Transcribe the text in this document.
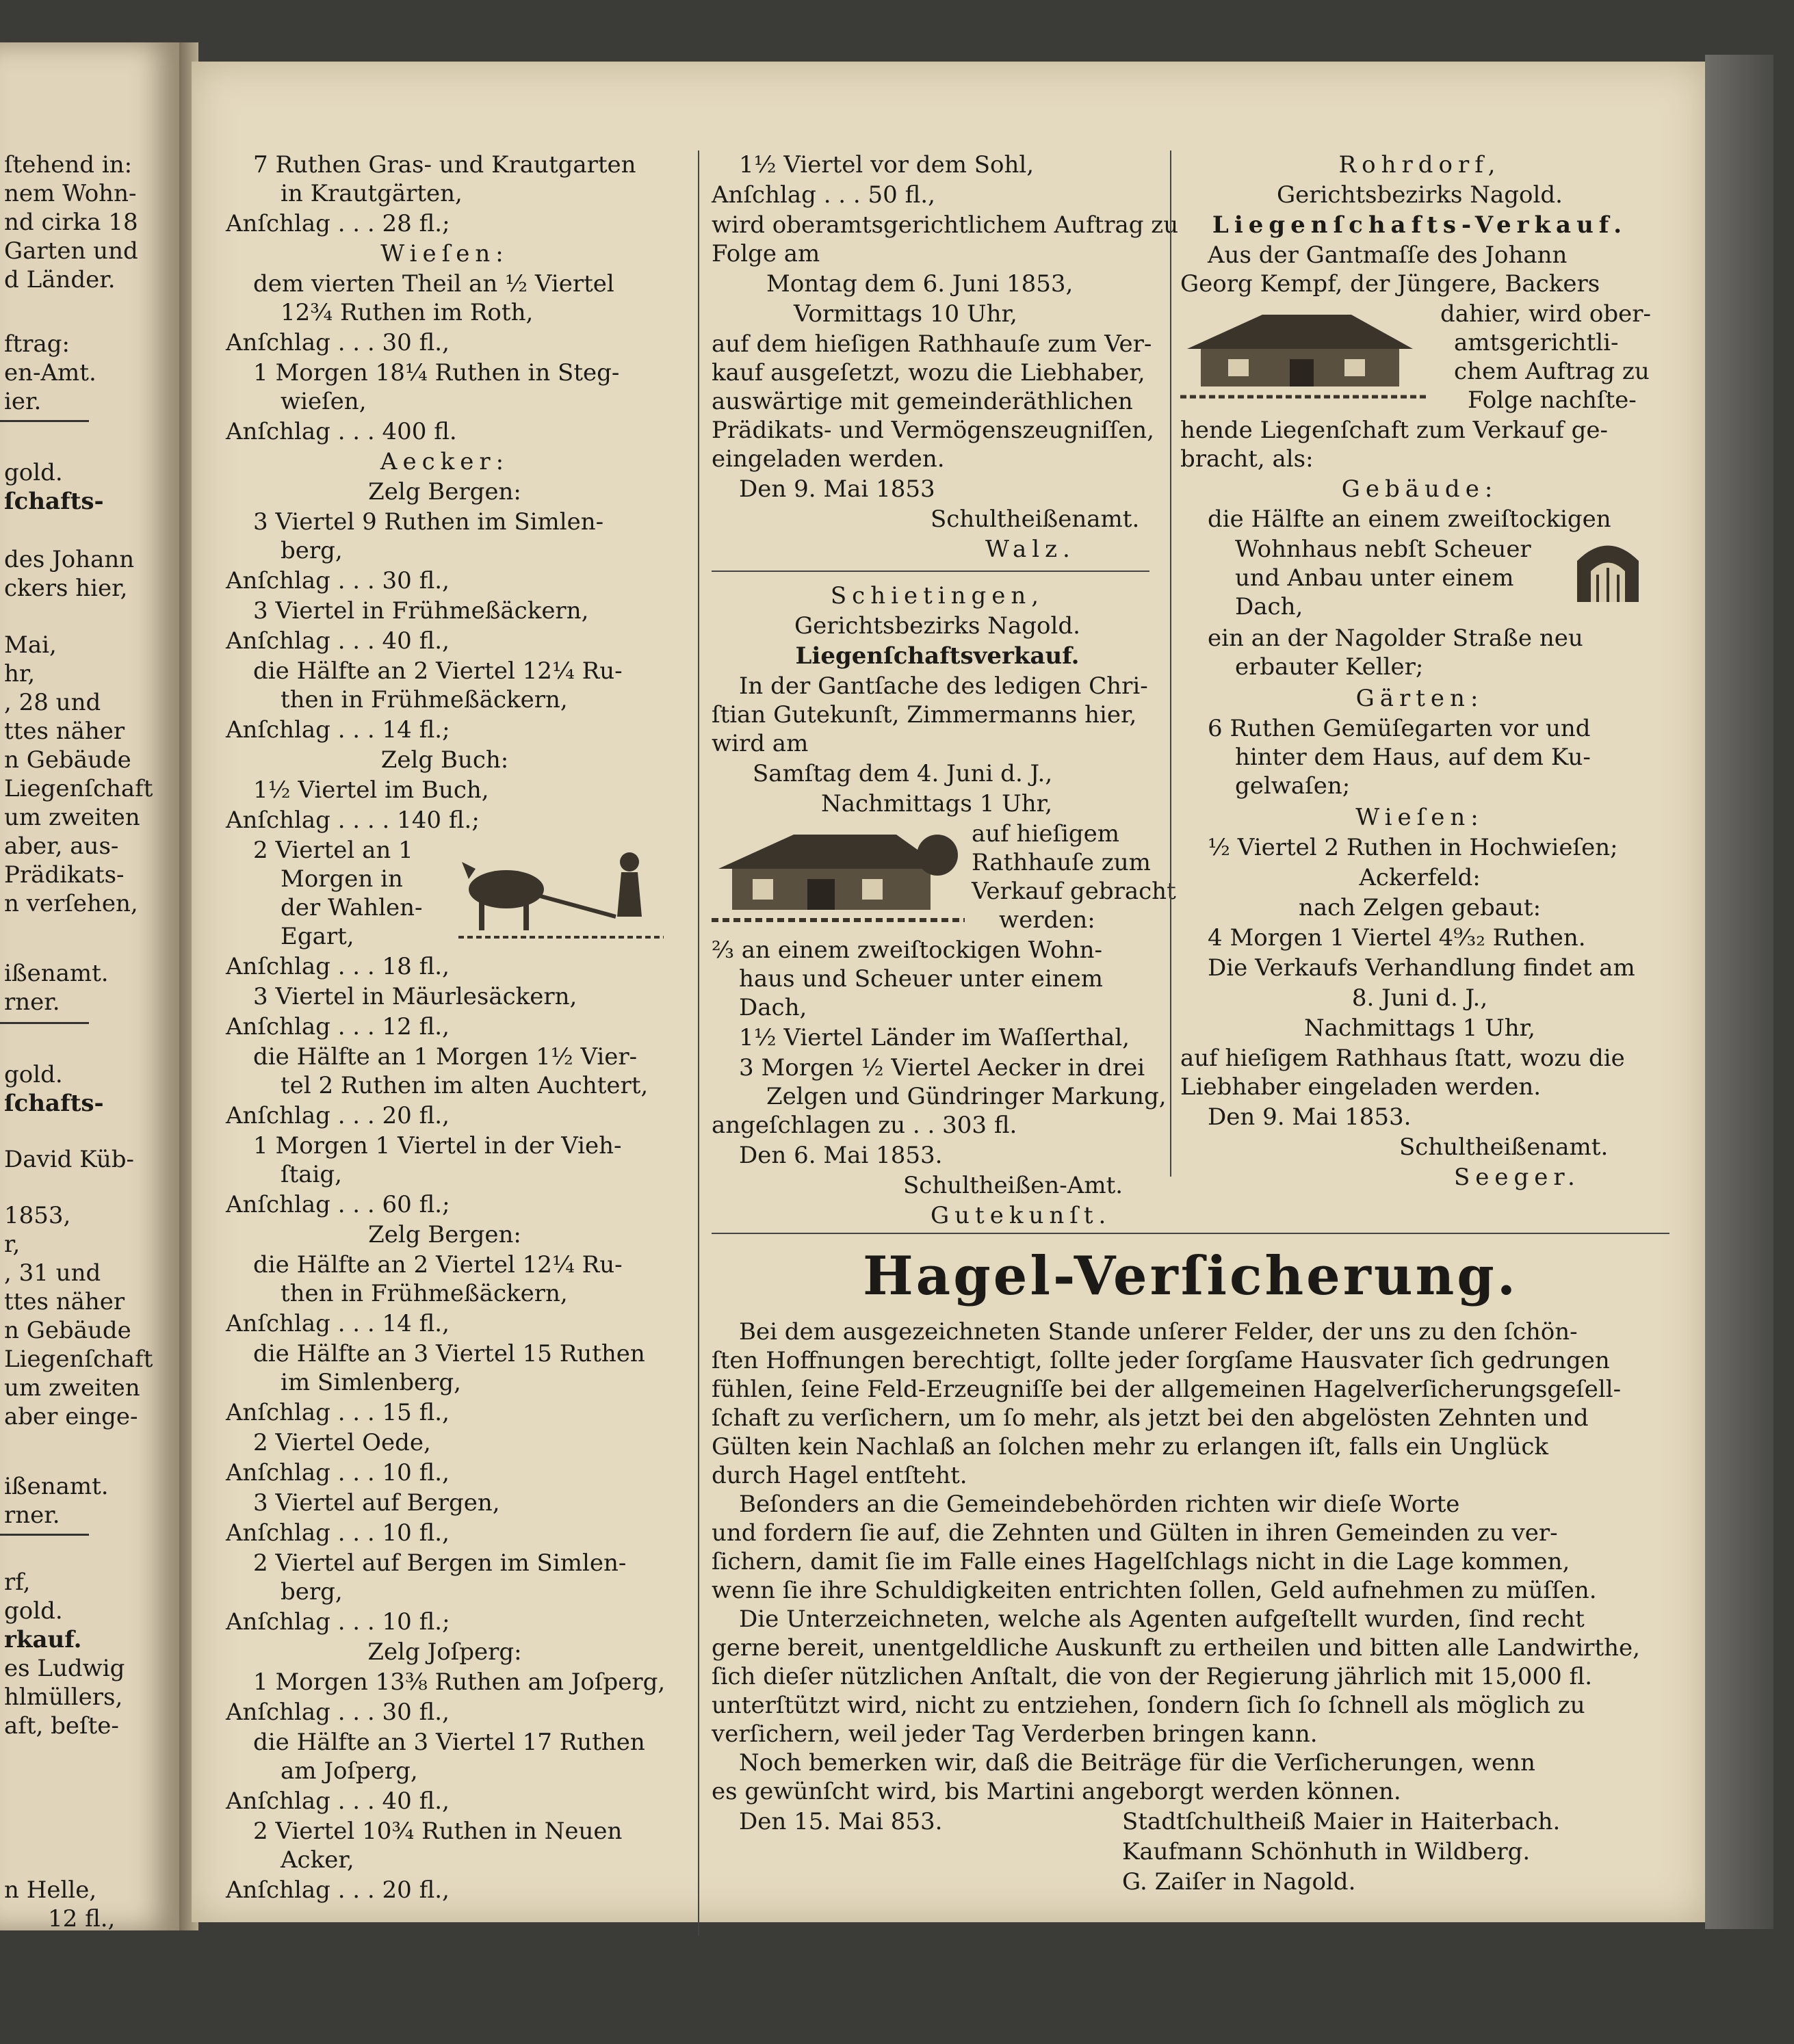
ſtehend in:
nem Wohn-
nd cirka 18
Garten und
d Länder.
ftrag:
en-Amt.
ier.
gold.
ſchafts-
des Johann
ckers hier,
Mai,
hr,
, 28 und
ttes näher
n Gebäude
Liegenſchaft
um zweiten
aber, aus-
Prädikats-
n verſehen,
ißenamt.
rner.
gold.
ſchafts-
David Küb-
1853,
r,
, 31 und
ttes näher
n Gebäude
Liegenſchaft
um zweiten
aber einge-
ißenamt.
rner.
rf,
gold.
rkauf.
es Ludwig
hlmüllers,
aft, beſte-
n Helle,
12 fl.,
7 Ruthen Gras- und Krautgarten
in Krautgärten,
Anſchlag . . . 28 fl.;
Wieſen:
dem vierten Theil an ½ Viertel
12¾ Ruthen im Roth,
Anſchlag . . . 30 fl.,
1 Morgen 18¼ Ruthen in Steg-
wieſen,
Anſchlag . . . 400 fl.
Aecker:
Zelg Bergen:
3 Viertel 9 Ruthen im Simlen-
berg,
Anſchlag . . . 30 fl.,
3 Viertel in Frühmeßäckern,
Anſchlag . . . 40 fl.,
die Hälfte an 2 Viertel 12¼ Ru-
then in Frühmeßäckern,
Anſchlag . . . 14 fl.;
Zelg Buch:
1½ Viertel im Buch,
Anſchlag . . . . 140 fl.;
2 Viertel an 1
Morgen in
der Wahlen-
Egart,
Anſchlag . . . 18 fl.,
3 Viertel in Mäurlesäckern,
Anſchlag . . . 12 fl.,
die Hälfte an 1 Morgen 1½ Vier-
tel 2 Ruthen im alten Auchtert,
Anſchlag . . . 20 fl.,
1 Morgen 1 Viertel in der Vieh-
ſtaig,
Anſchlag . . . 60 fl.;
Zelg Bergen:
die Hälfte an 2 Viertel 12¼ Ru-
then in Frühmeßäckern,
Anſchlag . . . 14 fl.,
die Hälfte an 3 Viertel 15 Ruthen
im Simlenberg,
Anſchlag . . . 15 fl.,
2 Viertel Oede,
Anſchlag . . . 10 fl.,
3 Viertel auf Bergen,
Anſchlag . . . 10 fl.,
2 Viertel auf Bergen im Simlen-
berg,
Anſchlag . . . 10 fl.;
Zelg Joſperg:
1 Morgen 13⅜ Ruthen am Joſperg,
Anſchlag . . . 30 fl.,
die Hälfte an 3 Viertel 17 Ruthen
am Joſperg,
Anſchlag . . . 40 fl.,
2 Viertel 10¾ Ruthen in Neuen
Acker,
Anſchlag . . . 20 fl.,
1½ Viertel vor dem Sohl,
Anſchlag . . . 50 fl.,
wird oberamtsgerichtlichem Auftrag zu
Folge am
Montag dem 6. Juni 1853,
Vormittags 10 Uhr,
auf dem hieſigen Rathhauſe zum Ver-
kauf ausgeſetzt, wozu die Liebhaber,
auswärtige mit gemeinderäthlichen
Prädikats- und Vermögenszeugniſſen,
eingeladen werden.
Den 9. Mai 1853
Schultheißenamt.
Walz.
Schietingen,
Gerichtsbezirks Nagold.
Liegenſchaftsverkauf.
In der Gantſache des ledigen Chri-
ſtian Gutekunſt, Zimmermanns hier,
wird am
Samſtag dem 4. Juni d. J.,
Nachmittags 1 Uhr,
auf hieſigem
Rathhauſe zum
Verkauf gebracht
werden:
⅔ an einem zweiſtockigen Wohn-
haus und Scheuer unter einem
Dach,
1½ Viertel Länder im Waſſerthal,
3 Morgen ½ Viertel Aecker in drei
Zelgen und Gündringer Markung,
angeſchlagen zu . . 303 fl.
Den 6. Mai 1853.
Schultheißen-Amt.
Gutekunſt.
Rohrdorf,
Gerichtsbezirks Nagold.
Liegenſchafts-Verkauf.
Aus der Gantmaſſe des Johann
Georg Kempf, der Jüngere, Backers
dahier, wird ober-
amtsgerichtli-
chem Auftrag zu
Folge nachſte-
hende Liegenſchaft zum Verkauf ge-
bracht, als:
Gebäude:
die Hälfte an einem zweiſtockigen
Wohnhaus nebſt Scheuer
und Anbau unter einem
Dach,
ein an der Nagolder Straße neu
erbauter Keller;
Gärten:
6 Ruthen Gemüſegarten vor und
hinter dem Haus, auf dem Ku-
gelwaſen;
Wieſen:
½ Viertel 2 Ruthen in Hochwieſen;
Ackerfeld:
nach Zelgen gebaut:
4 Morgen 1 Viertel 4⁹⁄₃₂ Ruthen.
Die Verkaufs Verhandlung findet am
8. Juni d. J.,
Nachmittags 1 Uhr,
auf hieſigem Rathhaus ſtatt, wozu die
Liebhaber eingeladen werden.
Den 9. Mai 1853.
Schultheißenamt.
Seeger.
Hagel-Verſicherung.
Bei dem ausgezeichneten Stande unſerer Felder, der uns zu den ſchön-
ſten Hoffnungen berechtigt, ſollte jeder ſorgſame Hausvater ſich gedrungen
fühlen, ſeine Feld-Erzeugniſſe bei der allgemeinen Hagelverſicherungsgeſell-
ſchaft zu verſichern, um ſo mehr, als jetzt bei den abgelösten Zehnten und
Gülten kein Nachlaß an ſolchen mehr zu erlangen iſt, falls ein Unglück
durch Hagel entſteht.
Beſonders an die Gemeindebehörden richten wir dieſe Worte
und fordern ſie auf, die Zehnten und Gülten in ihren Gemeinden zu ver-
ſichern, damit ſie im Falle eines Hagelſchlags nicht in die Lage kommen,
wenn ſie ihre Schuldigkeiten entrichten ſollen, Geld aufnehmen zu müſſen.
Die Unterzeichneten, welche als Agenten aufgeſtellt wurden, ſind recht
gerne bereit, unentgeldliche Auskunft zu ertheilen und bitten alle Landwirthe,
ſich dieſer nützlichen Anſtalt, die von der Regierung jährlich mit 15,000 fl.
unterſtützt wird, nicht zu entziehen, ſondern ſich ſo ſchnell als möglich zu
verſichern, weil jeder Tag Verderben bringen kann.
Noch bemerken wir, daß die Beiträge für die Verſicherungen, wenn
es gewünſcht wird, bis Martini angeborgt werden können.
Den 15. Mai 853.	Stadtſchultheiß Maier in Haiterbach.
Kaufmann Schönhuth in Wildberg.
G. Zaiſer in Nagold.
